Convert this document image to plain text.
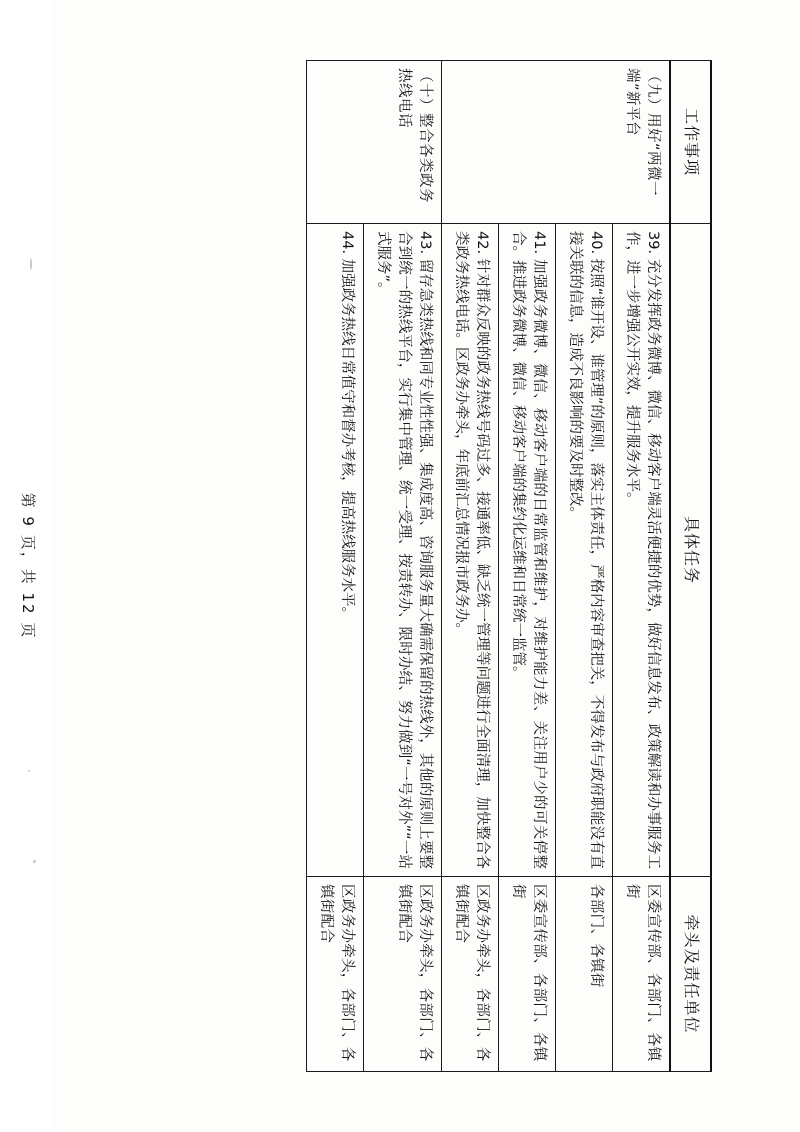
工作事项	具体任务	牵头及责任单位
（九）用好“两微一端”新平台	39. 充分发挥政务微博、微信、移动客户端灵活便捷的优势，做好信息发布、政策解读和办事服务工作，进一步增强公开实效，提升服务水平。	区委宣传部、各部门、各镇街
	40. 按照“谁开设、谁管理”的原则，落实主体责任，严格内容审查把关，不得发布与政府职能没有直接关联的信息，造成不良影响的要及时整改。	各部门、各镇街
	41. 加强政务微博、微信、移动客户端的日常监管和维护，对维护能力差、关注用户少的可关停整合。推进政务微博、微信、移动客户端的集约化运维和日常统一监管。	区委宣传部、各部门、各镇街
	42. 针对群众反映的政务热线号码过多、接通率低、缺乏统一管理等问题进行全面清理，加快整合各类政务热线电话。区政务办牵头，年底前汇总情况报市政务办。	区政务办牵头，各部门、各镇街配合
（十）整合各类政务热线电话	43. 留存急类热线和同专业性性强、集成度高、咨询服务量大确需保留的热线外，其他的原则上要整合到统一的热线平台，实行集中管理、统一受理、按责转办、限时办结、努力做到“一号对外”“一站式服务”。	区政务办牵头，各部门、各镇街配合
	44. 加强政务热线日常值守和督办考核，提高热线服务水平。	区政务办牵头，各部门、各镇街配合
第 9 页，共 12 页
